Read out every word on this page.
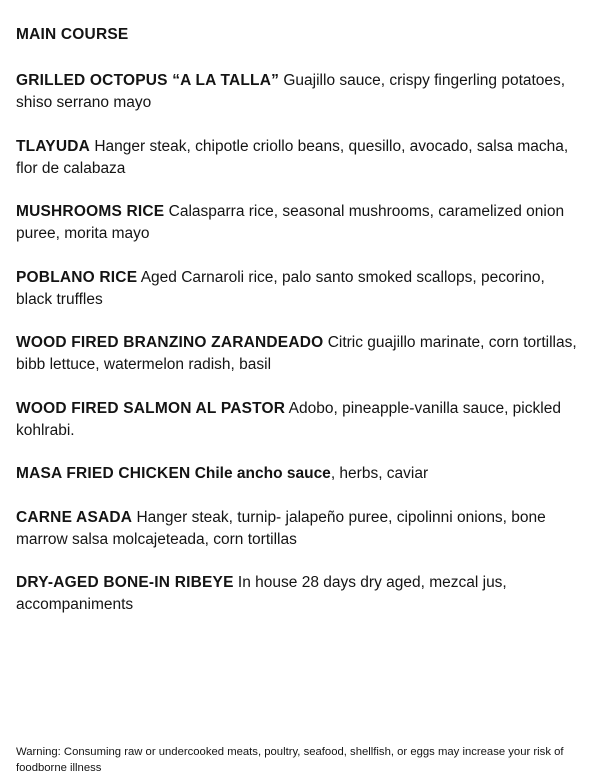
MAIN COURSE
GRILLED OCTOPUS “A LA TALLA” Guajillo sauce, crispy fingerling potatoes, shiso serrano mayo
TLAYUDA Hanger steak, chipotle criollo beans, quesillo, avocado, salsa macha, flor de calabaza
MUSHROOMS RICE Calasparra rice, seasonal mushrooms, caramelized onion puree, morita mayo
POBLANO RICE Aged Carnaroli rice, palo santo smoked scallops, pecorino, black truffles
WOOD FIRED BRANZINO ZARANDEADO Citric guajillo marinate, corn tortillas, bibb lettuce, watermelon radish, basil
WOOD FIRED SALMON AL PASTOR Adobo, pineapple-vanilla sauce, pickled kohlrabi.
MASA FRIED CHICKEN Chile ancho sauce, herbs, caviar
CARNE ASADA Hanger steak, turnip- jalapeño puree, cipolinni onions, bone marrow salsa molcajeteada, corn tortillas
DRY-AGED BONE-IN RIBEYE In house 28 days dry aged, mezcal jus, accompaniments

Warning: Consuming raw or undercooked meats, poultry, seafood, shellfish, or eggs may increase your risk of foodborne illness
